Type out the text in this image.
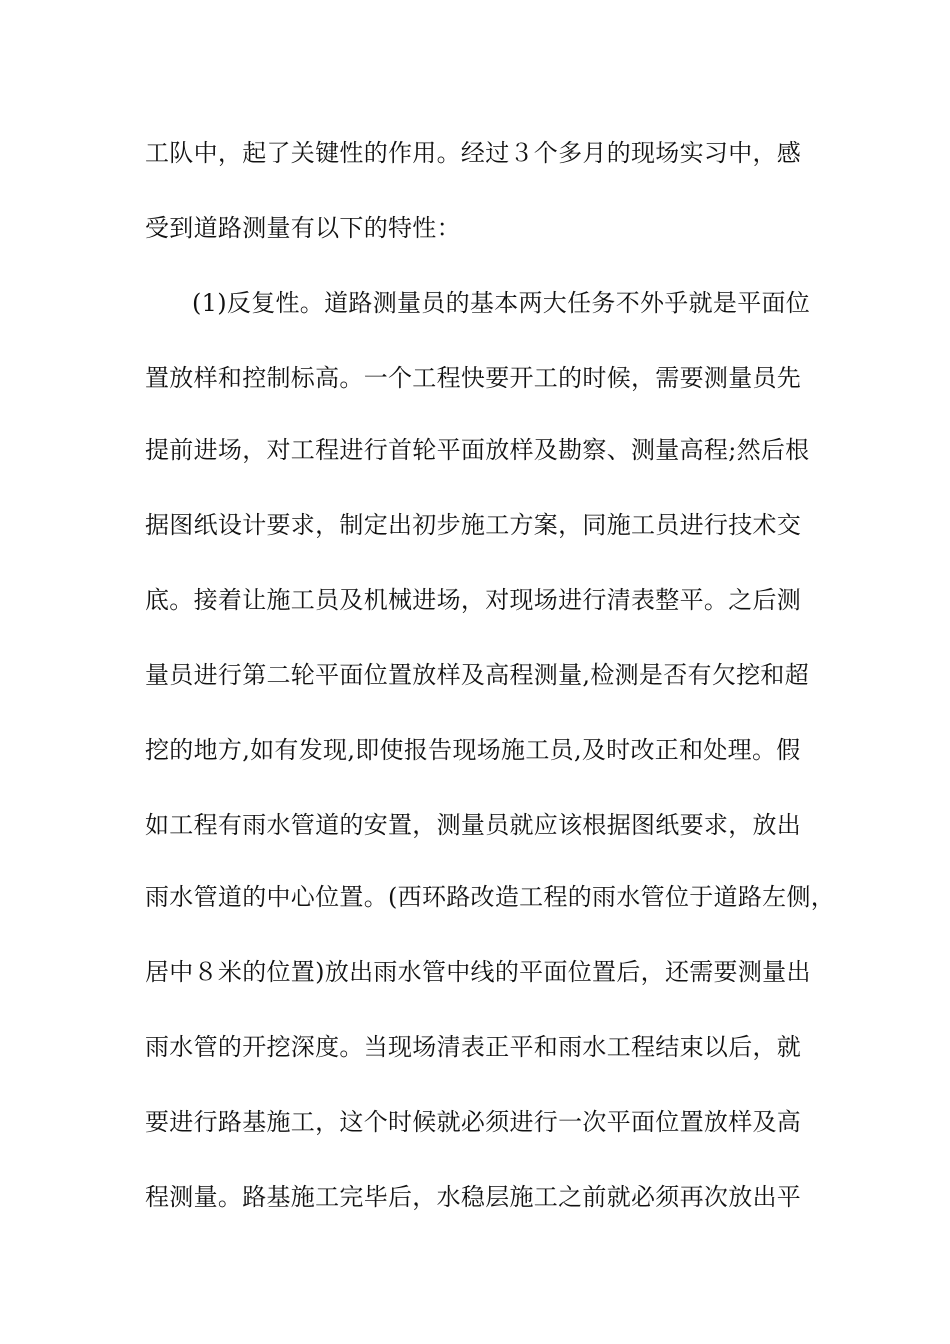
工队中，起了关键性的作用。经过３个多月的现场实习中，感
受到道路测量有以下的特性：
(1)反复性。道路测量员的基本两大任务不外乎就是平面位
置放样和控制标高。一个工程快要开工的时候，需要测量员先
提前进场，对工程进行首轮平面放样及勘察、测量高程;然后根
据图纸设计要求，制定出初步施工方案，同施工员进行技术交
底。接着让施工员及机械进场，对现场进行清表整平。之后测
量员进行第二轮平面位置放样及高程测量,检测是否有欠挖和超
挖的地方,如有发现,即使报告现场施工员,及时改正和处理。假
如工程有雨水管道的安置，测量员就应该根据图纸要求，放出
雨水管道的中心位置。(西环路改造工程的雨水管位于道路左侧，
居中８米的位置)放出雨水管中线的平面位置后，还需要测量出
雨水管的开挖深度。当现场清表正平和雨水工程结束以后，就
要进行路基施工，这个时候就必须进行一次平面位置放样及高
程测量。路基施工完毕后，水稳层施工之前就必须再次放出平
